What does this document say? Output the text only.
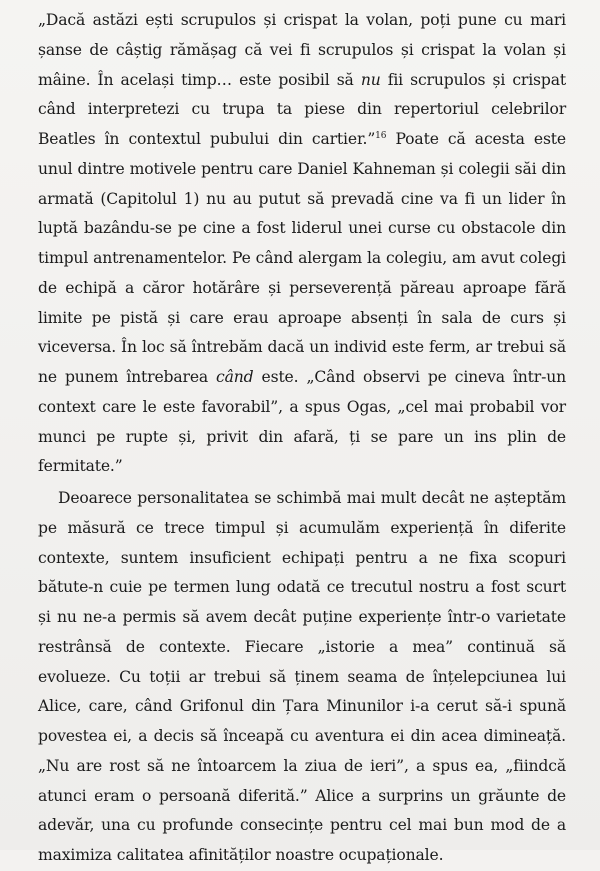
„Dacă astăzi ești scrupulos și crispat la volan, poți pune cu mari șanse de câștig rămășag că vei fi scrupulos și crispat la volan și mâine. În același timp… este posibil să nu fii scrupulos și crispat când interpretezi cu trupa ta piese din repertoriul celebrilor Beatles în contextul pubului din cartier.”$^{16}$ Poate că acesta este unul dintre motivele pentru care Daniel Kahneman și colegii săi din armată (Capitolul 1) nu au putut să prevadă cine va fi un lider în luptă bazându-se pe cine a fost liderul unei curse cu obstacole din timpul antrenamentelor. Pe când alergam la colegiu, am avut colegi de echipă a căror hotărâre și perseverență păreau aproape fără limite pe pistă și care erau aproape absenți în sala de curs și viceversa. În loc să întrebăm dacă un individ este ferm, ar trebui să ne punem întrebarea când este. „Când observi pe cineva într-un context care le este favorabil”, a spus Ogas, „cel mai probabil vor munci pe rupte și, privit din afară, ți se pare un ins plin de fermitate.”

Deoarece personalitatea se schimbă mai mult decât ne așteptăm pe măsură ce trece timpul și acumulăm experiență în diferite contexte, suntem insuficient echipați pentru a ne fixa scopuri bătute-n cuie pe termen lung odată ce trecutul nostru a fost scurt și nu ne-a permis să avem decât puține experiențe într-o varietate restrânsă de contexte. Fiecare „istorie a mea” continuă să evolueze. Cu toții ar trebui să ținem seama de înțelepciunea lui Alice, care, când Grifonul din Țara Minunilor i-a cerut să-i spună povestea ei, a decis să înceapă cu aventura ei din acea dimineață. „Nu are rost să ne întoarcem la ziua de ieri”, a spus ea, „fiindcă atunci eram o persoană diferită.” Alice a surprins un grăunte de adevăr, una cu profunde consecințe pentru cel mai bun mod de a maximiza calitatea afinităților noastre ocupaționale.
